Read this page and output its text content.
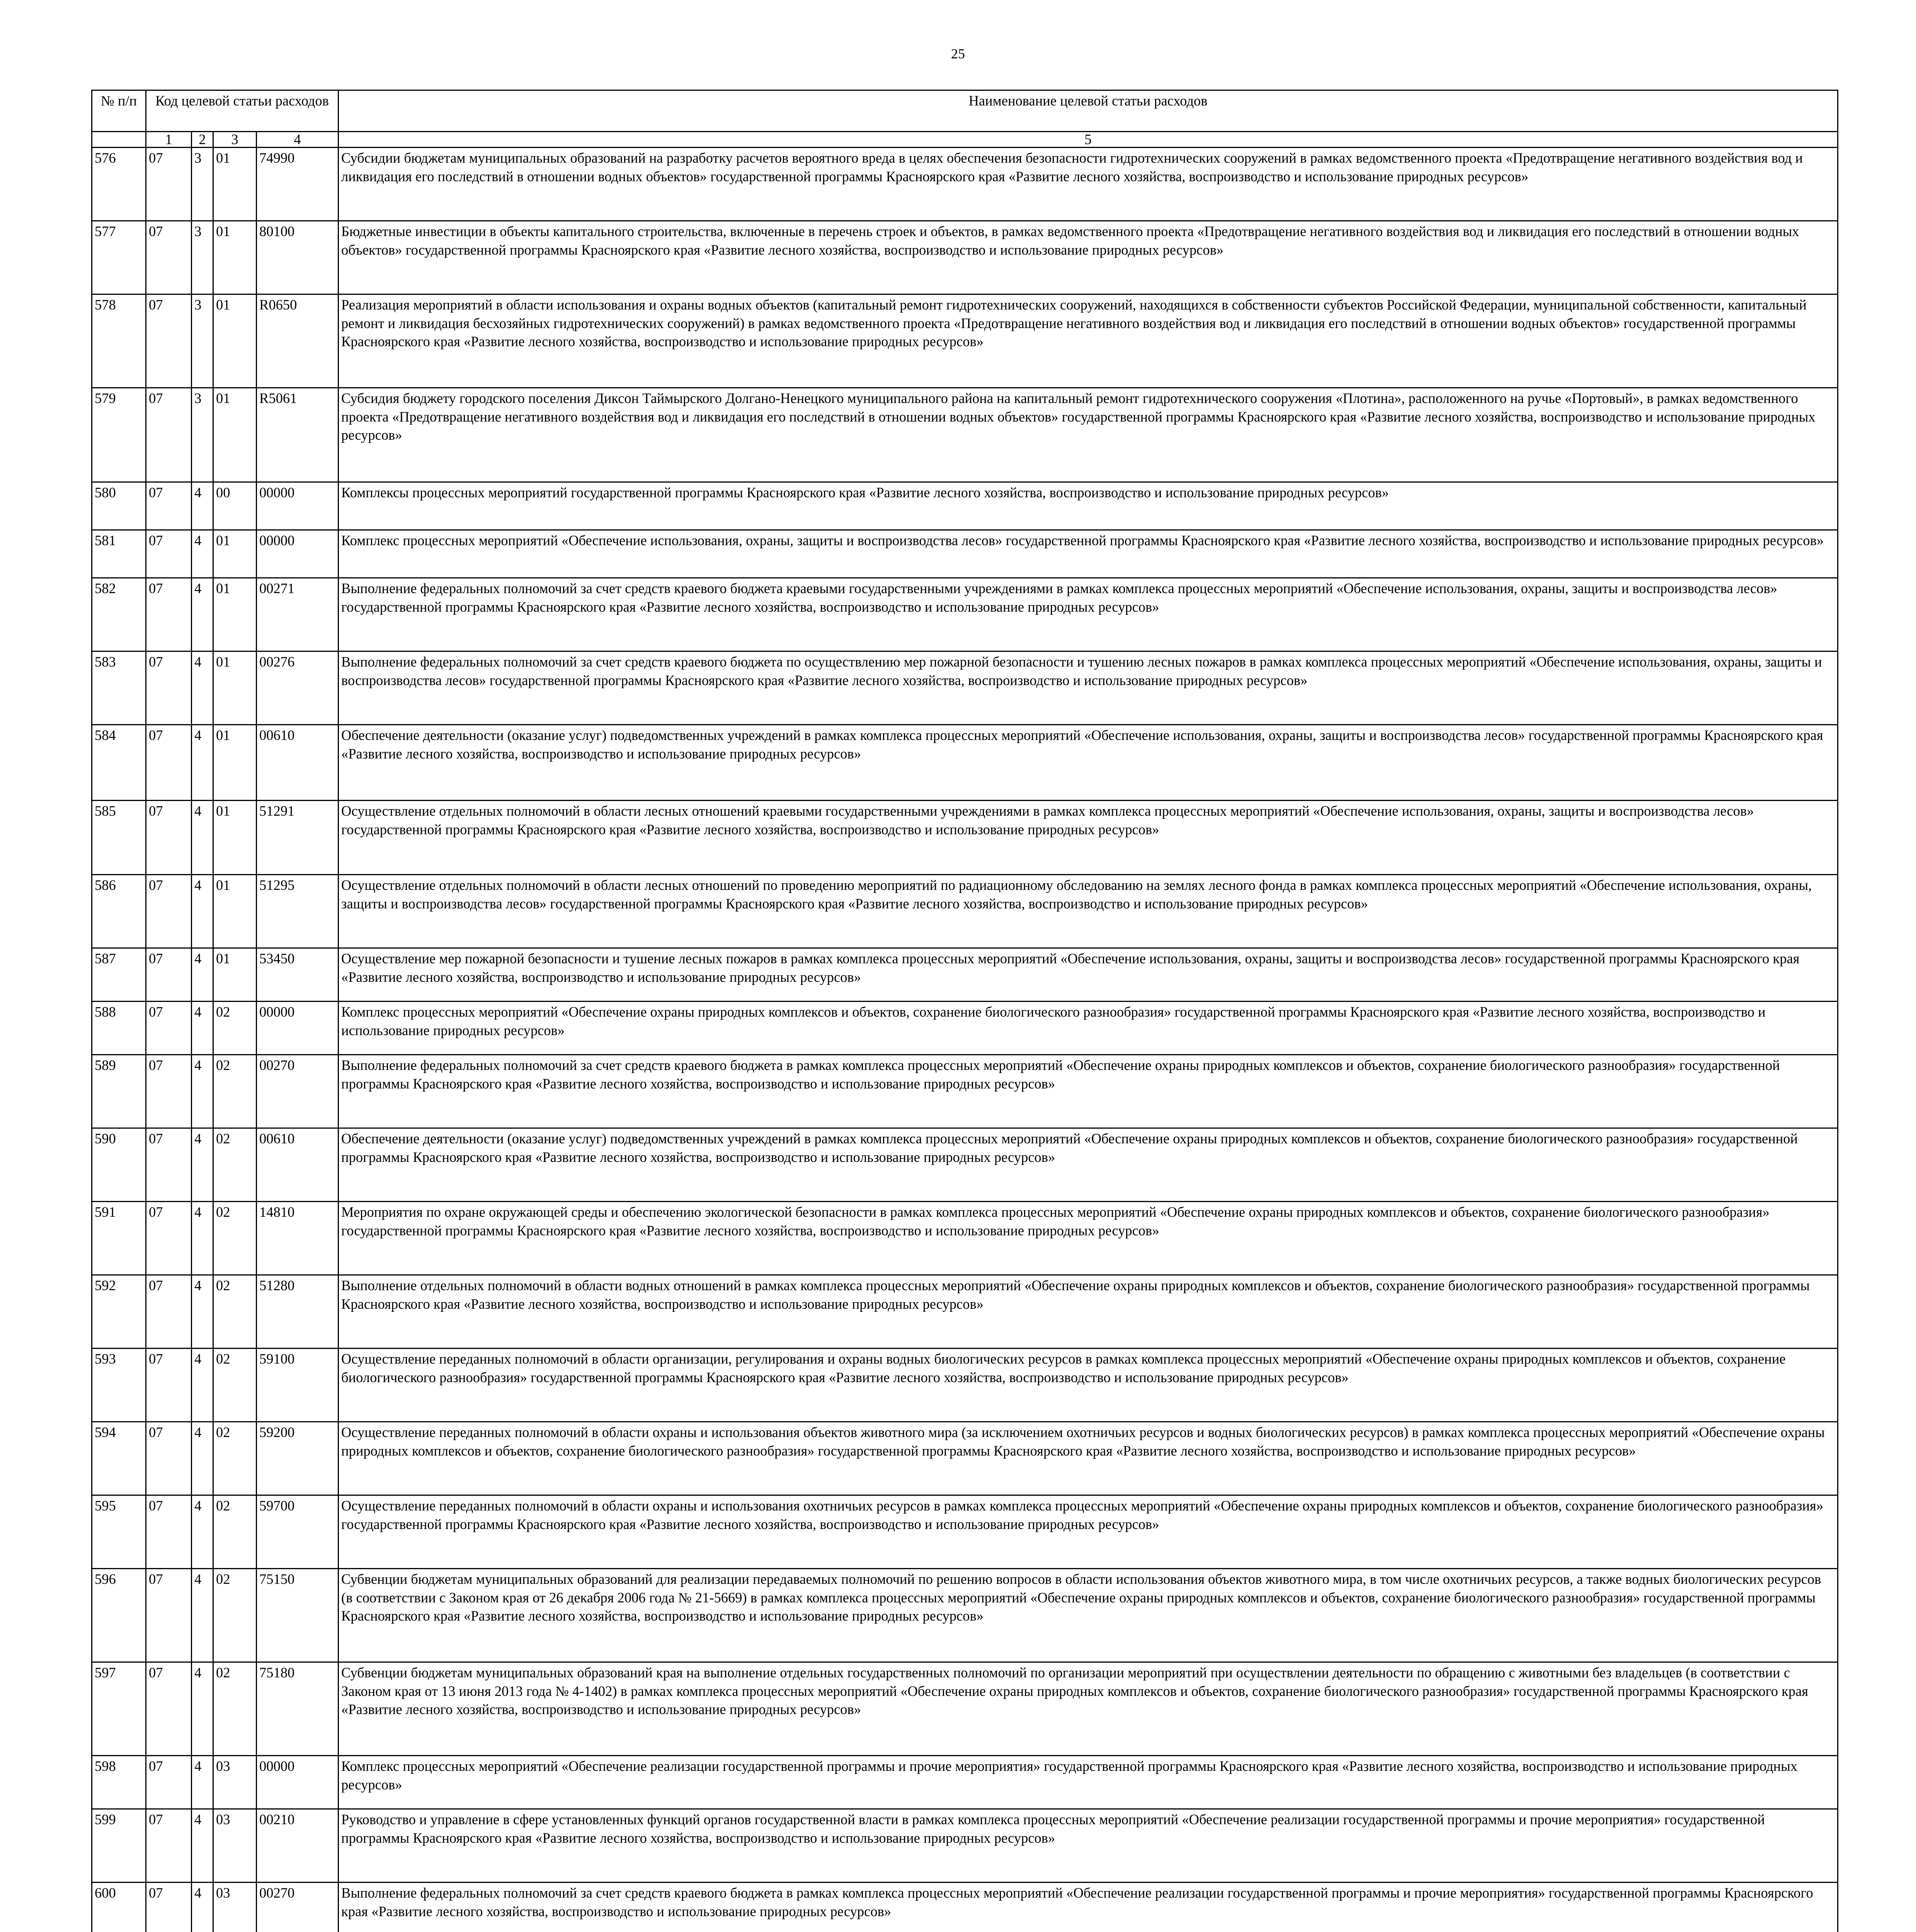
25
№ п/п	Код целевой статьи расходов				Наименование целевой статьи расходов

	1	2	3	4	5
576	07	3	01	74990	Субсидии бюджетам муниципальных образований на разработку расчетов вероятного вреда в целях обеспечения безопасности гидротехнических сооружений в рамках ведомственного проекта «Предотвращение негативного воздействия вод и ликвидация его последствий в отношении водных объектов» государственной программы Красноярского края «Развитие лесного хозяйства, воспроизводство и использование природных ресурсов»
577	07	3	01	80100	Бюджетные инвестиции в объекты капитального строительства, включенные в перечень строек и объектов, в рамках ведомственного проекта «Предотвращение негативного воздействия вод и ликвидация его последствий в отношении водных объектов» государственной программы Красноярского края «Развитие лесного хозяйства, воспроизводство и использование природных ресурсов»
578	07	3	01	R0650	Реализация мероприятий в области использования и охраны водных объектов (капитальный ремонт гидротехнических сооружений, находящихся в собственности субъектов Российской Федерации, муниципальной собственности, капитальный ремонт и ликвидация бесхозяйных гидротехнических сооружений) в рамках ведомственного проекта «Предотвращение негативного воздействия вод и ликвидация его последствий в отношении водных объектов» государственной программы Красноярского края «Развитие лесного хозяйства, воспроизводство и использование природных ресурсов»
579	07	3	01	R5061	Субсидия бюджету городского поселения Диксон Таймырского Долгано-Ненецкого муниципального района на капитальный ремонт гидротехнического сооружения «Плотина», расположенного на ручье «Портовый», в рамках ведомственного проекта «Предотвращение негативного воздействия вод и ликвидация его последствий в отношении водных объектов» государственной программы Красноярского края «Развитие лесного хозяйства, воспроизводство и использование природных ресурсов»
580	07	4	00	00000	Комплексы процессных мероприятий государственной программы Красноярского края «Развитие лесного хозяйства, воспроизводство и использование природных ресурсов»
581	07	4	01	00000	Комплекс процессных мероприятий «Обеспечение использования, охраны, защиты и воспроизводства лесов» государственной программы Красноярского края «Развитие лесного хозяйства, воспроизводство и использование природных ресурсов»
582	07	4	01	00271	Выполнение федеральных полномочий за счет средств краевого бюджета краевыми государственными учреждениями в рамках комплекса процессных мероприятий «Обеспечение использования, охраны, защиты и воспроизводства лесов» государственной программы Красноярского края «Развитие лесного хозяйства, воспроизводство и использование природных ресурсов»
583	07	4	01	00276	Выполнение федеральных полномочий за счет средств краевого бюджета по осуществлению мер пожарной безопасности и тушению лесных пожаров в рамках комплекса процессных мероприятий «Обеспечение использования, охраны, защиты и воспроизводства лесов» государственной программы Красноярского края «Развитие лесного хозяйства, воспроизводство и использование природных ресурсов»
584	07	4	01	00610	Обеспечение деятельности (оказание услуг) подведомственных учреждений в рамках комплекса процессных мероприятий «Обеспечение использования, охраны, защиты и воспроизводства лесов» государственной программы Красноярского края «Развитие лесного хозяйства, воспроизводство и использование природных ресурсов»
585	07	4	01	51291	Осуществление отдельных полномочий в области лесных отношений краевыми государственными учреждениями в рамках комплекса процессных мероприятий «Обеспечение использования, охраны, защиты и воспроизводства лесов» государственной программы Красноярского края «Развитие лесного хозяйства, воспроизводство и использование природных ресурсов»
586	07	4	01	51295	Осуществление отдельных полномочий в области лесных отношений по проведению мероприятий по радиационному обследованию на землях лесного фонда в рамках комплекса процессных мероприятий «Обеспечение использования, охраны, защиты и воспроизводства лесов» государственной программы Красноярского края «Развитие лесного хозяйства, воспроизводство и использование природных ресурсов»
587	07	4	01	53450	Осуществление мер пожарной безопасности и тушение лесных пожаров в рамках комплекса процессных мероприятий «Обеспечение использования, охраны, защиты и воспроизводства лесов» государственной программы Красноярского края «Развитие лесного хозяйства, воспроизводство и использование природных ресурсов»
588	07	4	02	00000	Комплекс процессных мероприятий «Обеспечение охраны природных комплексов и объектов, сохранение биологического разнообразия» государственной программы Красноярского края «Развитие лесного хозяйства, воспроизводство и использование природных ресурсов»
589	07	4	02	00270	Выполнение федеральных полномочий за счет средств краевого бюджета в рамках комплекса процессных мероприятий «Обеспечение охраны природных комплексов и объектов, сохранение биологического разнообразия» государственной программы Красноярского края «Развитие лесного хозяйства, воспроизводство и использование природных ресурсов»
590	07	4	02	00610	Обеспечение деятельности (оказание услуг) подведомственных учреждений в рамках комплекса процессных мероприятий «Обеспечение охраны природных комплексов и объектов, сохранение биологического разнообразия» государственной программы Красноярского края «Развитие лесного хозяйства, воспроизводство и использование природных ресурсов»
591	07	4	02	14810	Мероприятия по охране окружающей среды и обеспечению экологической безопасности в рамках комплекса процессных мероприятий «Обеспечение охраны природных комплексов и объектов, сохранение биологического разнообразия» государственной программы Красноярского края «Развитие лесного хозяйства, воспроизводство и использование природных ресурсов»
592	07	4	02	51280	Выполнение отдельных полномочий в области водных отношений в рамках комплекса процессных мероприятий «Обеспечение охраны природных комплексов и объектов, сохранение биологического разнообразия» государственной программы Красноярского края «Развитие лесного хозяйства, воспроизводство и использование природных ресурсов»
593	07	4	02	59100	Осуществление переданных полномочий в области организации, регулирования и охраны водных биологических ресурсов в рамках комплекса процессных мероприятий «Обеспечение охраны природных комплексов и объектов, сохранение биологического разнообразия» государственной программы Красноярского края «Развитие лесного хозяйства, воспроизводство и использование природных ресурсов»
594	07	4	02	59200	Осуществление переданных полномочий в области охраны и использования объектов животного мира (за исключением охотничьих ресурсов и водных биологических ресурсов) в рамках комплекса процессных мероприятий «Обеспечение охраны природных комплексов и объектов, сохранение биологического разнообразия» государственной программы Красноярского края «Развитие лесного хозяйства, воспроизводство и использование природных ресурсов»
595	07	4	02	59700	Осуществление переданных полномочий в области охраны и использования охотничьих ресурсов в рамках комплекса процессных мероприятий «Обеспечение охраны природных комплексов и объектов, сохранение биологического разнообразия» государственной программы Красноярского края «Развитие лесного хозяйства, воспроизводство и использование природных ресурсов»
596	07	4	02	75150	Субвенции бюджетам муниципальных образований для реализации передаваемых полномочий по решению вопросов в области использования объектов животного мира, в том числе охотничьих ресурсов, а также водных биологических ресурсов (в соответствии с Законом края от 26 декабря 2006 года № 21-5669) в рамках комплекса процессных мероприятий «Обеспечение охраны природных комплексов и объектов, сохранение биологического разнообразия» государственной программы Красноярского края «Развитие лесного хозяйства, воспроизводство и использование природных ресурсов»
597	07	4	02	75180	Субвенции бюджетам муниципальных образований края на выполнение отдельных государственных полномочий по организации мероприятий при осуществлении деятельности по обращению с животными без владельцев (в соответствии с Законом края от 13 июня 2013 года № 4-1402) в рамках комплекса процессных мероприятий «Обеспечение охраны природных комплексов и объектов, сохранение биологического разнообразия» государственной программы Красноярского края «Развитие лесного хозяйства, воспроизводство и использование природных ресурсов»
598	07	4	03	00000	Комплекс процессных мероприятий «Обеспечение реализации государственной программы и прочие мероприятия» государственной программы Красноярского края «Развитие лесного хозяйства, воспроизводство и использование природных ресурсов»
599	07	4	03	00210	Руководство и управление в сфере установленных функций органов государственной власти в рамках комплекса процессных мероприятий «Обеспечение реализации государственной программы и прочие мероприятия» государственной программы Красноярского края «Развитие лесного хозяйства, воспроизводство и использование природных ресурсов»
600	07	4	03	00270	Выполнение федеральных полномочий за счет средств краевого бюджета в рамках комплекса процессных мероприятий «Обеспечение реализации государственной программы и прочие мероприятия» государственной программы Красноярского края «Развитие лесного хозяйства, воспроизводство и использование природных ресурсов»
